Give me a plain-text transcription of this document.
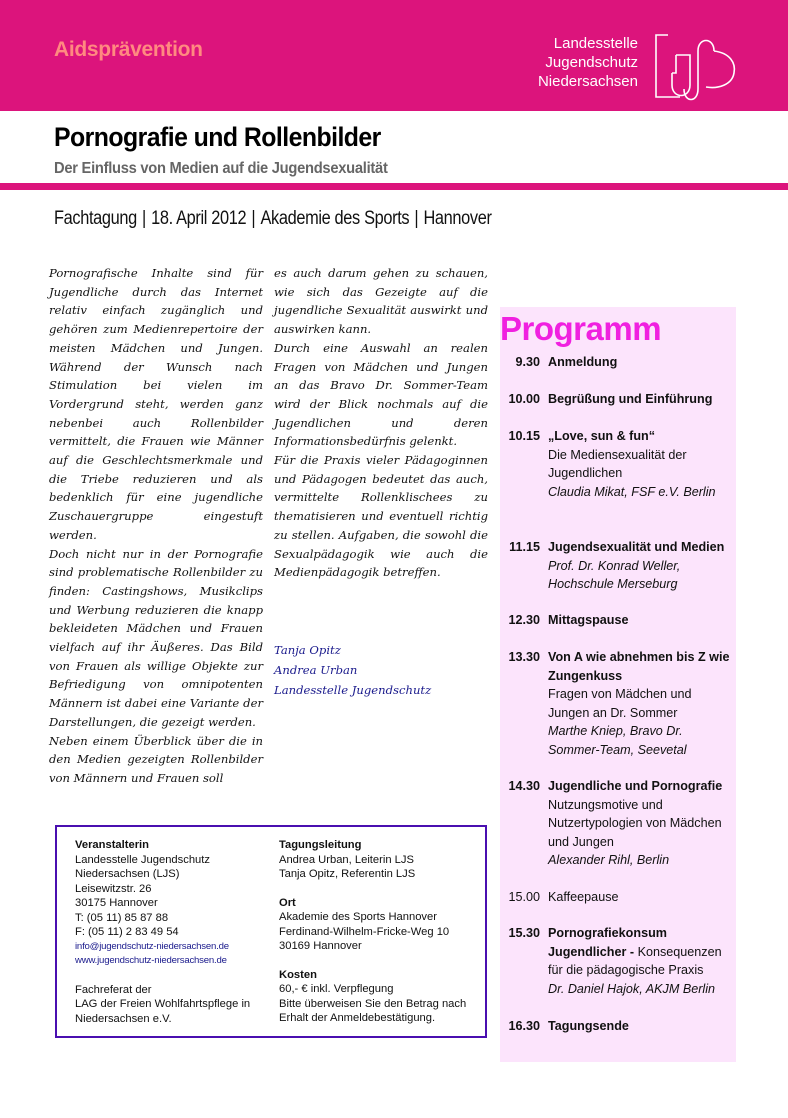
Aidsprävention	Landesstelle
Jugendschutz
Niedersachsen
Pornografie und Rollenbilder
Der Einfluss von Medien auf die Jugendsexualität
Fachtagung | 18. April 2012 | Akademie des Sports | Hannover

Pornografische Inhalte sind für Jugendliche durch das Internet relativ einfach zugänglich und gehören zum Medienrepertoire der meisten Mädchen und Jungen. Während der Wunsch nach Stimulation bei vielen im Vordergrund steht, werden ganz nebenbei auch Rollenbilder vermittelt, die Frauen wie Männer auf die Geschlechtsmerkmale und die Triebe reduzieren und als bedenklich für eine jugendliche Zuschauergruppe eingestuft werden.

Doch nicht nur in der Pornografie sind problematische Rollenbilder zu finden: Castingshows, Musikclips und Werbung reduzieren die knapp bekleideten Mädchen und Frauen vielfach auf ihr Äußeres. Das Bild von Frauen als willige Objekte zur Befriedigung von omnipotenten Männern ist dabei eine Variante der Darstellungen, die gezeigt werden.

Neben einem Überblick über die in den Medien gezeigten Rollenbilder von Männern und Frauen soll

es auch darum gehen zu schauen, wie sich das Gezeigte auf die jugendliche Sexualität auswirkt und auswirken kann.

Durch eine Auswahl an realen Fragen von Mädchen und Jungen an das Bravo Dr. Sommer-Team wird der Blick nochmals auf die Jugendlichen und deren Informationsbedürfnis gelenkt.

Für die Praxis vieler Pädagoginnen und Pädagogen bedeutet das auch, vermittelte Rollenklischees zu thematisieren und eventuell richtig zu stellen. Aufgaben, die sowohl die Sexualpädagogik wie auch die Medienpädagogik betreffen.

Tanja Opitz
Andrea Urban
Landesstelle Jugendschutz
Veranstalterin
Landesstelle Jugendschutz
Niedersachsen (LJS)
Leisewitzstr. 26
30175 Hannover
T: (05 11) 85 87 88
F: (05 11) 2 83 49 54
info@jugendschutz-niedersachsen.de
www.jugendschutz-niedersachsen.de
Fachreferat der
LAG der Freien Wohlfahrtspflege in
Niedersachsen e.V.
Tagungsleitung
Andrea Urban, Leiterin LJS
Tanja Opitz, Referentin LJS
Ort
Akademie des Sports Hannover
Ferdinand-Wilhelm-Fricke-Weg 10
30169 Hannover
Kosten
60,- € inkl. Verpflegung
Bitte überweisen Sie den Betrag nach
Erhalt der Anmeldebestätigung.
Programm
9.30 Anmeldung
10.00 Begrüßung und Einführung
10.15 „Love, sun & fun“
Die Mediensexualität der Jugendlichen
Claudia Mikat, FSF e.V. Berlin
11.15 Jugendsexualität und Medien
Prof. Dr. Konrad Weller, Hochschule Merseburg
12.30 Mittagspause
13.30 Von A wie abnehmen bis Z wie Zungenkuss
Fragen von Mädchen und Jungen an Dr. Sommer
Marthe Kniep, Bravo Dr. Sommer-Team, Seevetal
14.30 Jugendliche und Pornografie
Nutzungsmotive und Nutzertypologien von Mädchen und Jungen
Alexander Rihl, Berlin
15.00 Kaffeepause
15.30 Pornografiekonsum Jugendlicher - Konsequenzen für die pädagogische Praxis
Dr. Daniel Hajok, AKJM Berlin
16.30 Tagungsende
